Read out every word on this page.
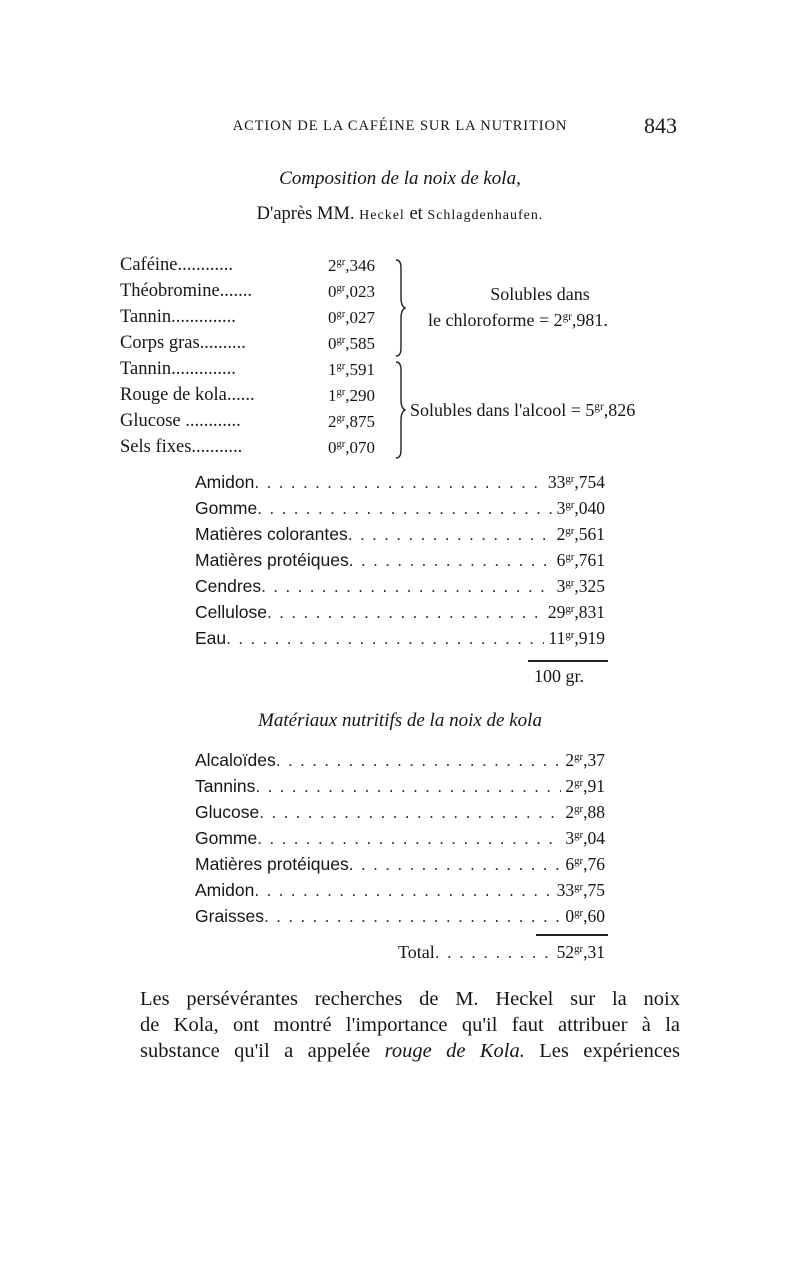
ACTION DE LA CAFÉINE SUR LA NUTRITION	843
Composition de la noix de kola,
D'après MM. Heckel et Schlagdenhaufen.
Caféine............	$2^{gr},346$
Théobromine.......	$0^{gr},023$
Tannin..............	$0^{gr},027$
Corps gras..........	$0^{gr},585$
Tannin..............	$1^{gr},591$
Rouge de kola......	$1^{gr},290$
Glucose ............	$2^{gr},875$
Sels fixes...........	$0^{gr},070$
Solubles dans
le chloroforme = $2^{gr},981$.
Solubles dans l'alcool = $5^{gr},826$
Amidon . . .	$33^{gr},754$
Gomme . . .	$3^{gr},040$
Matières colorantes . . .	$2^{gr},561$
Matières protéiques . . .	$6^{gr},761$
Cendres . . .	$3^{gr},325$
Cellulose . . .	$29^{gr},831$
Eau . . .	$11^{gr},919$
100 gr.
Matériaux nutritifs de la noix de kola
Alcaloïdes . . .	$2^{gr},37$
Tannins . . .	$2^{gr},91$
Glucose . . .	$2^{gr},88$
Gomme . . .	$3^{gr},04$
Matières protéiques . . .	$6^{gr},76$
Amidon . . .	$33^{gr},75$
Graisses . . .	$0^{gr},60$
Total . . .	$52^{gr},31$
Les persévérantes recherches de M. Heckel sur la noix
de Kola, ont montré l'importance qu'il faut attribuer à la
substance qu'il a appelée rouge de Kola. Les expériences
